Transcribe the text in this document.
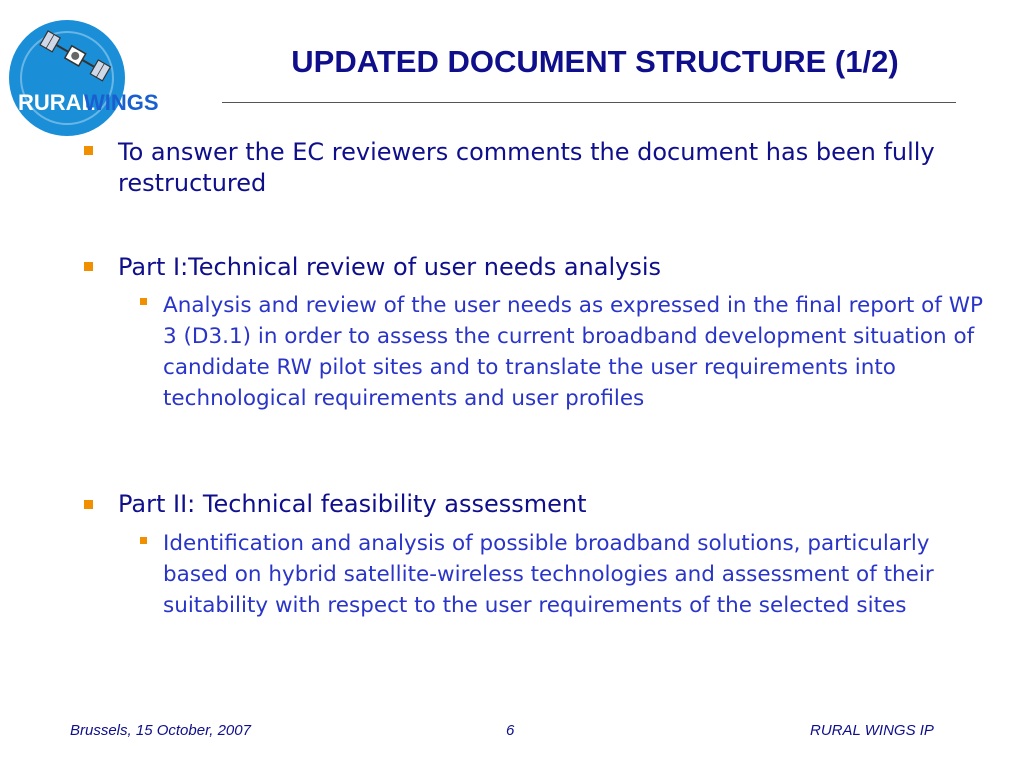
RURAL
WINGS
UPDATED DOCUMENT STRUCTURE (1/2)
To answer the EC reviewers comments the document has been fully restructured
Part I:Technical review of user needs analysis
Analysis and review of the user needs as expressed in the final report of WP 3 (D3.1) in order to assess the current broadband development situation of candidate RW pilot sites and to translate the user requirements into technological requirements and user profiles
Part II: Technical feasibility assessment
Identification and analysis of possible broadband solutions, particularly based on hybrid satellite-wireless technologies and assessment of their suitability with respect to the user requirements of the selected sites
Brussels, 15 October, 2007	6	RURAL WINGS IP
